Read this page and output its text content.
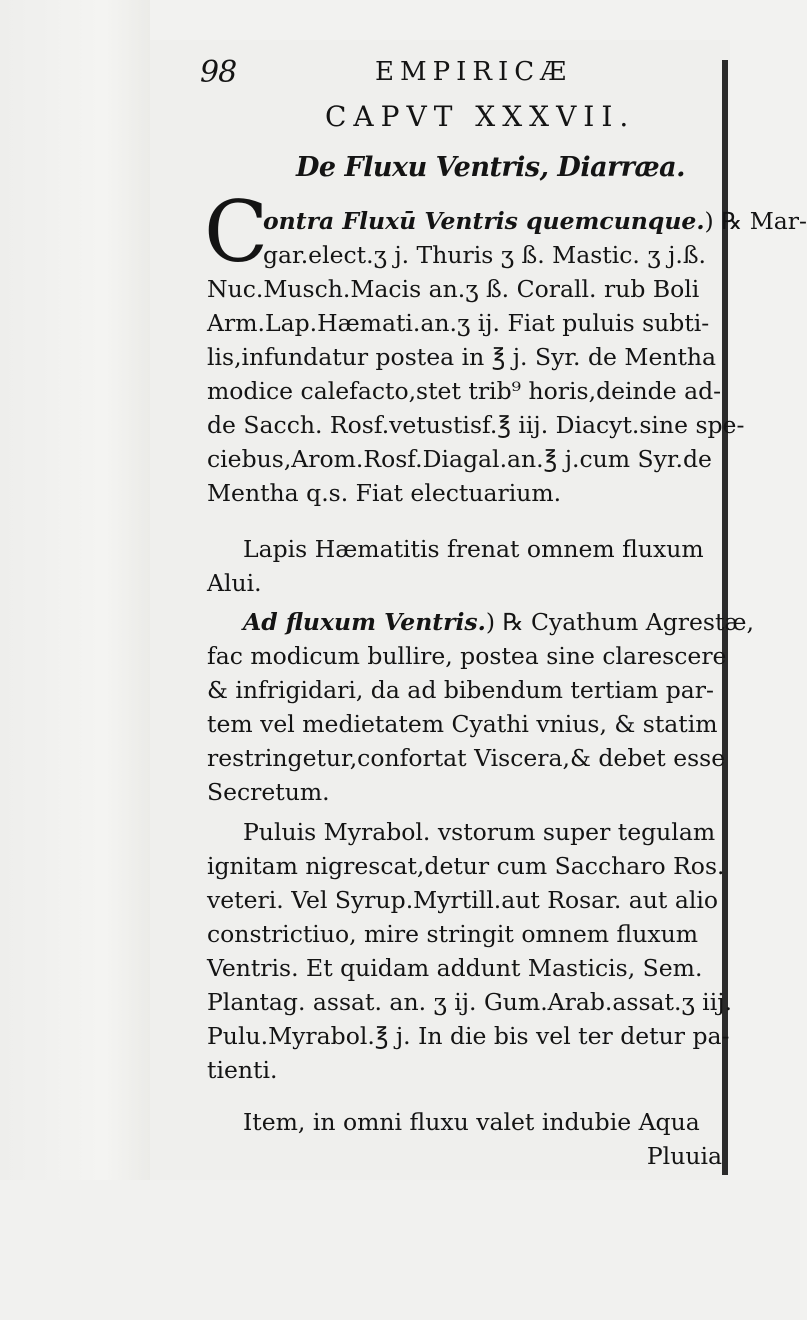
98	EMPIRICÆ
CAPVT XXXVII.
De Fluxu Ventris, Diarræa.
C
ontra Fluxū Ventris quemcunque.) ℞ Mar-
gar.elect.ʒ j. Thuris ʒ ß. Mastic. ʒ j.ß.
Nuc.Musch.Macis an.ʒ ß. Corall. rub Boli
Arm.Lap.Hæmati.an.ʒ ij. Fiat puluis subti-
lis,infundatur postea in ℥ j. Syr. de Mentha
modice calefacto,stet trib⁹ horis,deinde ad-
de Sacch. Rosf.vetustisf.℥ iij. Diacyt.sine spe-
ciebus,Arom.Rosf.Diagal.an.℥ j.cum Syr.de
Mentha q.s. Fiat electuarium.
Lapis Hæmatitis frenat omnem fluxum
Alui.
Ad fluxum Ventris.) ℞ Cyathum Agrestæ,
fac modicum bullire, postea sine clarescere
& infrigidari, da ad bibendum tertiam par-
tem vel medietatem Cyathi vnius, & statim
restringetur,confortat Viscera,& debet esse
Secretum.
Puluis Myrabol. vstorum super tegulam
ignitam nigrescat,detur cum Saccharo Ros.
veteri. Vel Syrup.Myrtill.aut Rosar. aut alio
constrictiuo, mire stringit omnem fluxum
Ventris. Et quidam addunt Masticis, Sem.
Plantag. assat. an. ʒ ij. Gum.Arab.assat.ʒ iij.
Pulu.Myrabol.℥ j. In die bis vel ter detur pa-
tienti.
Item, in omni fluxu valet indubie Aqua
Pluuia
